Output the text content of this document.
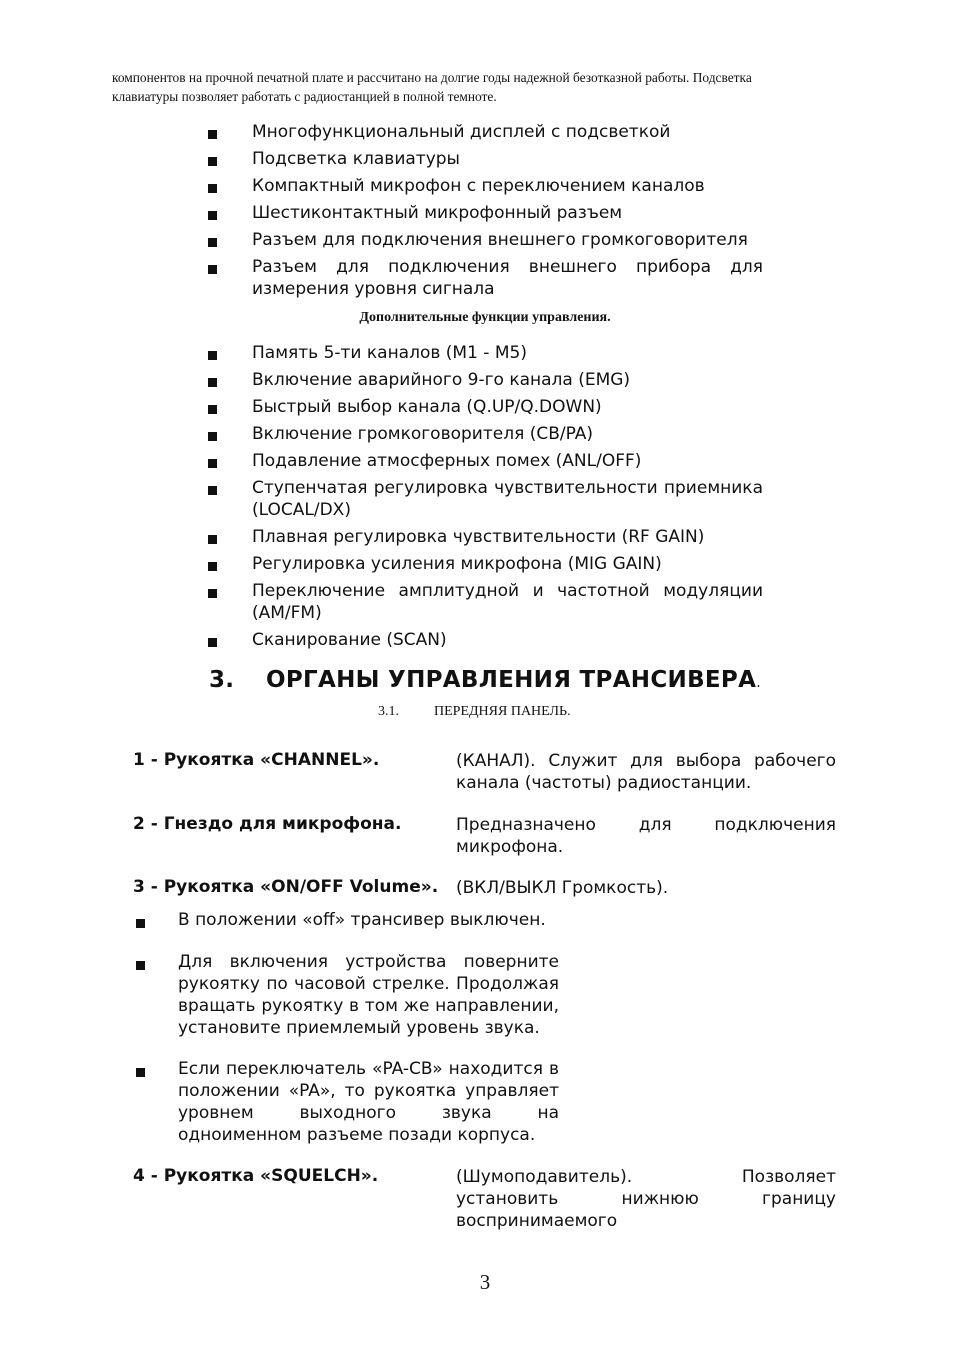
компонентов на прочной печатной плате и рассчитано на долгие годы надежной безотказной работы. Подсветка

клавиатуры позволяет работать с радиостанцией в полной темноте.

Многофункциональный дисплей с подсветкой
Подсветка клавиатуры
Компактный микрофон с переключением каналов
Шестиконтактный микрофонный разъем
Разъем для подключения внешнего громкоговорителя
Разъем для подключения внешнего прибора для измерения уровня сигнала
Дополнительные функции управления.
Память 5-ти каналов (M1 - M5)
Включение аварийного 9-го канала (EMG)
Быстрый выбор канала (Q.UP/Q.DOWN)
Включение громкоговорителя (CB/PA)
Подавление атмосферных помех (ANL/OFF)
Ступенчатая регулировка чувствительности приемника (LOCAL/DX)
Плавная регулировка чувствительности (RF GAIN)
Регулировка усиления микрофона (MIG GAIN)
Переключение амплитудной и частотной модуляции (AM/FM)
Сканирование (SCAN)
3. ОРГАНЫ УПРАВЛЕНИЯ ТРАНСИВЕРА.
3.1.	ПЕРЕДНЯЯ ПАНЕЛЬ.
1 - Рукоятка «CHANNEL».	(КАНАЛ). Служит для выбора рабочего канала (частоты) радиостанции.
2 - Гнездо для микрофона.	Предназначено для подключения микрофона.
3 - Рукоятка «ON/OFF Volume». (ВКЛ/ВЫКЛ Громкость).
В положении «off» трансивер выключен.
Для включения устройства поверните рукоятку по часовой стрелке. Продолжая вращать рукоятку в том же направлении, установите приемлемый уровень звука.
Если переключатель «PA-CB» находится в положении «PA», то рукоятка управляет уровнем выходного звука на одноименном разъеме позади корпуса.
4 - Рукоятка «SQUELCH».	(Шумоподавитель). Позволяет установить нижнюю границу воспринимаемого
3
